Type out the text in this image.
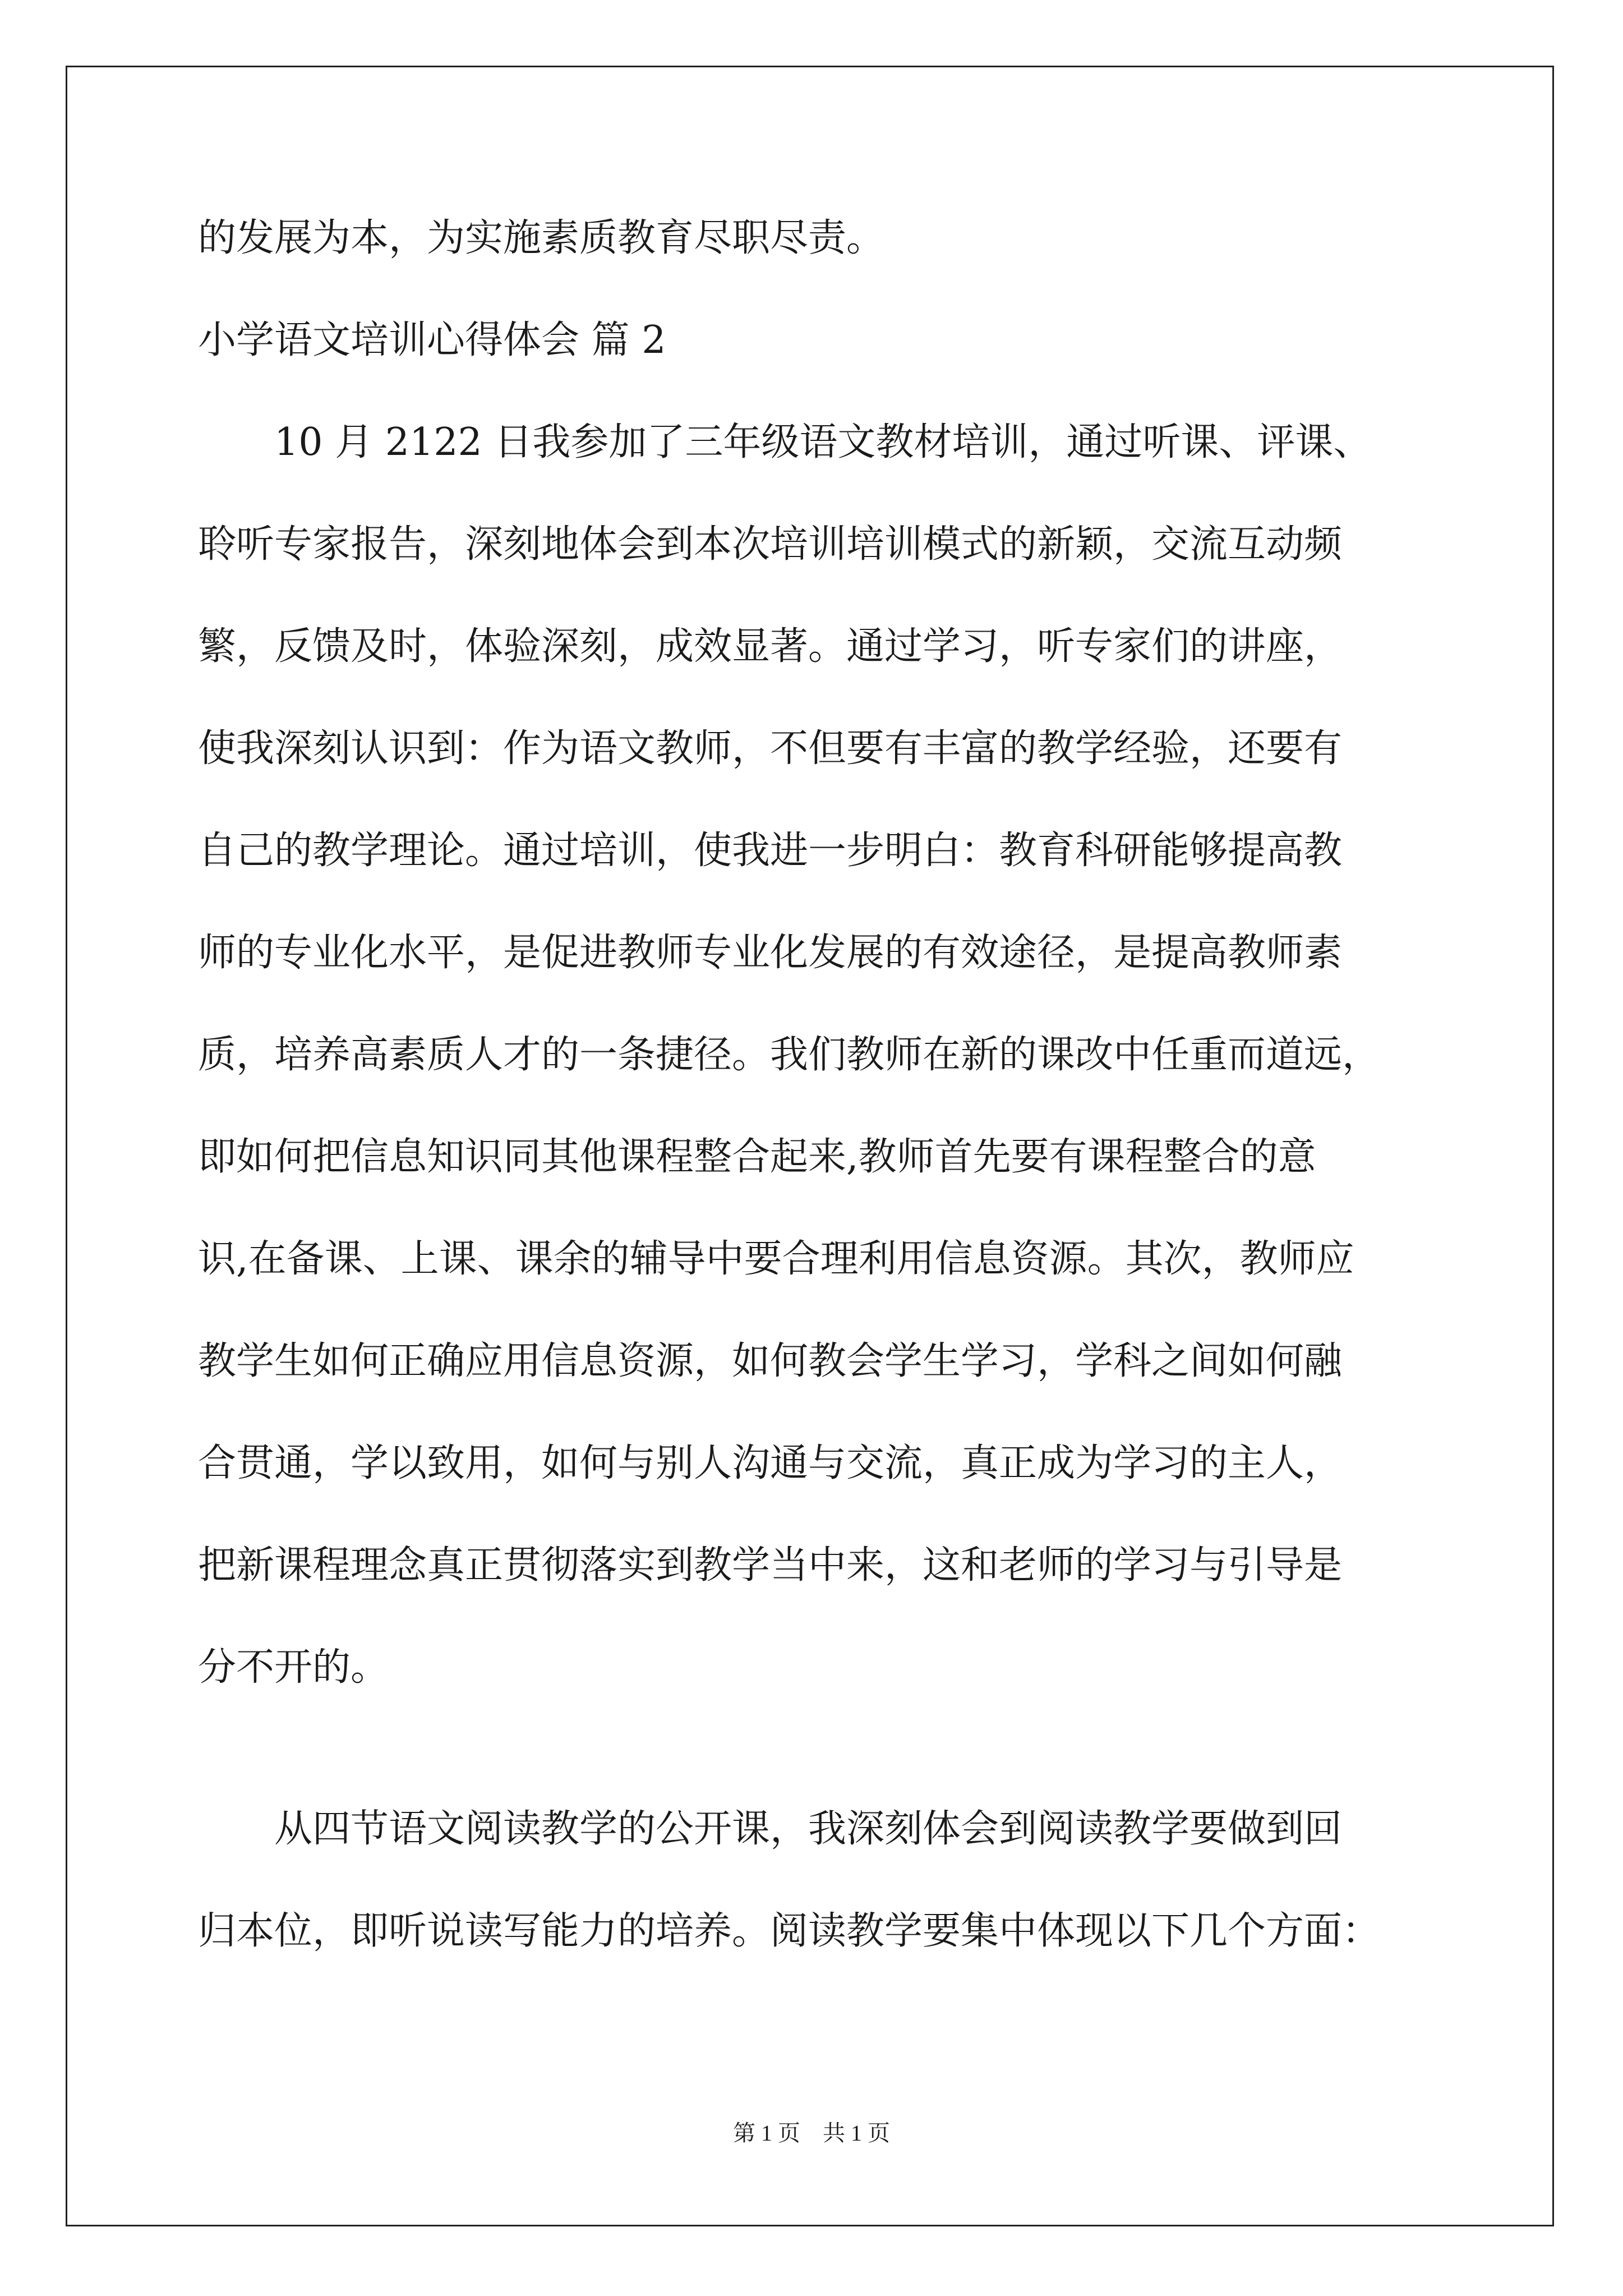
的发展为本，为实施素质教育尽职尽责。
小学语文培训心得体会 篇 2
10 月 2122 日我参加了三年级语文教材培训，通过听课、评课、
聆听专家报告，深刻地体会到本次培训培训模式的新颖，交流互动频
繁，反馈及时，体验深刻，成效显著。通过学习，听专家们的讲座，
使我深刻认识到：作为语文教师，不但要有丰富的教学经验，还要有
自己的教学理论。通过培训，使我进一步明白：教育科研能够提高教
师的专业化水平，是促进教师专业化发展的有效途径，是提高教师素
质，培养高素质人才的一条捷径。我们教师在新的课改中任重而道远，
即如何把信息知识同其他课程整合起来,教师首先要有课程整合的意
识,在备课、上课、课余的辅导中要合理利用信息资源。其次，教师应
教学生如何正确应用信息资源，如何教会学生学习，学科之间如何融
合贯通，学以致用，如何与别人沟通与交流，真正成为学习的主人，
把新课程理念真正贯彻落实到教学当中来，这和老师的学习与引导是
分不开的。
从四节语文阅读教学的公开课，我深刻体会到阅读教学要做到回
归本位，即听说读写能力的培养。阅读教学要集中体现以下几个方面：
第 1 页　共 1 页
